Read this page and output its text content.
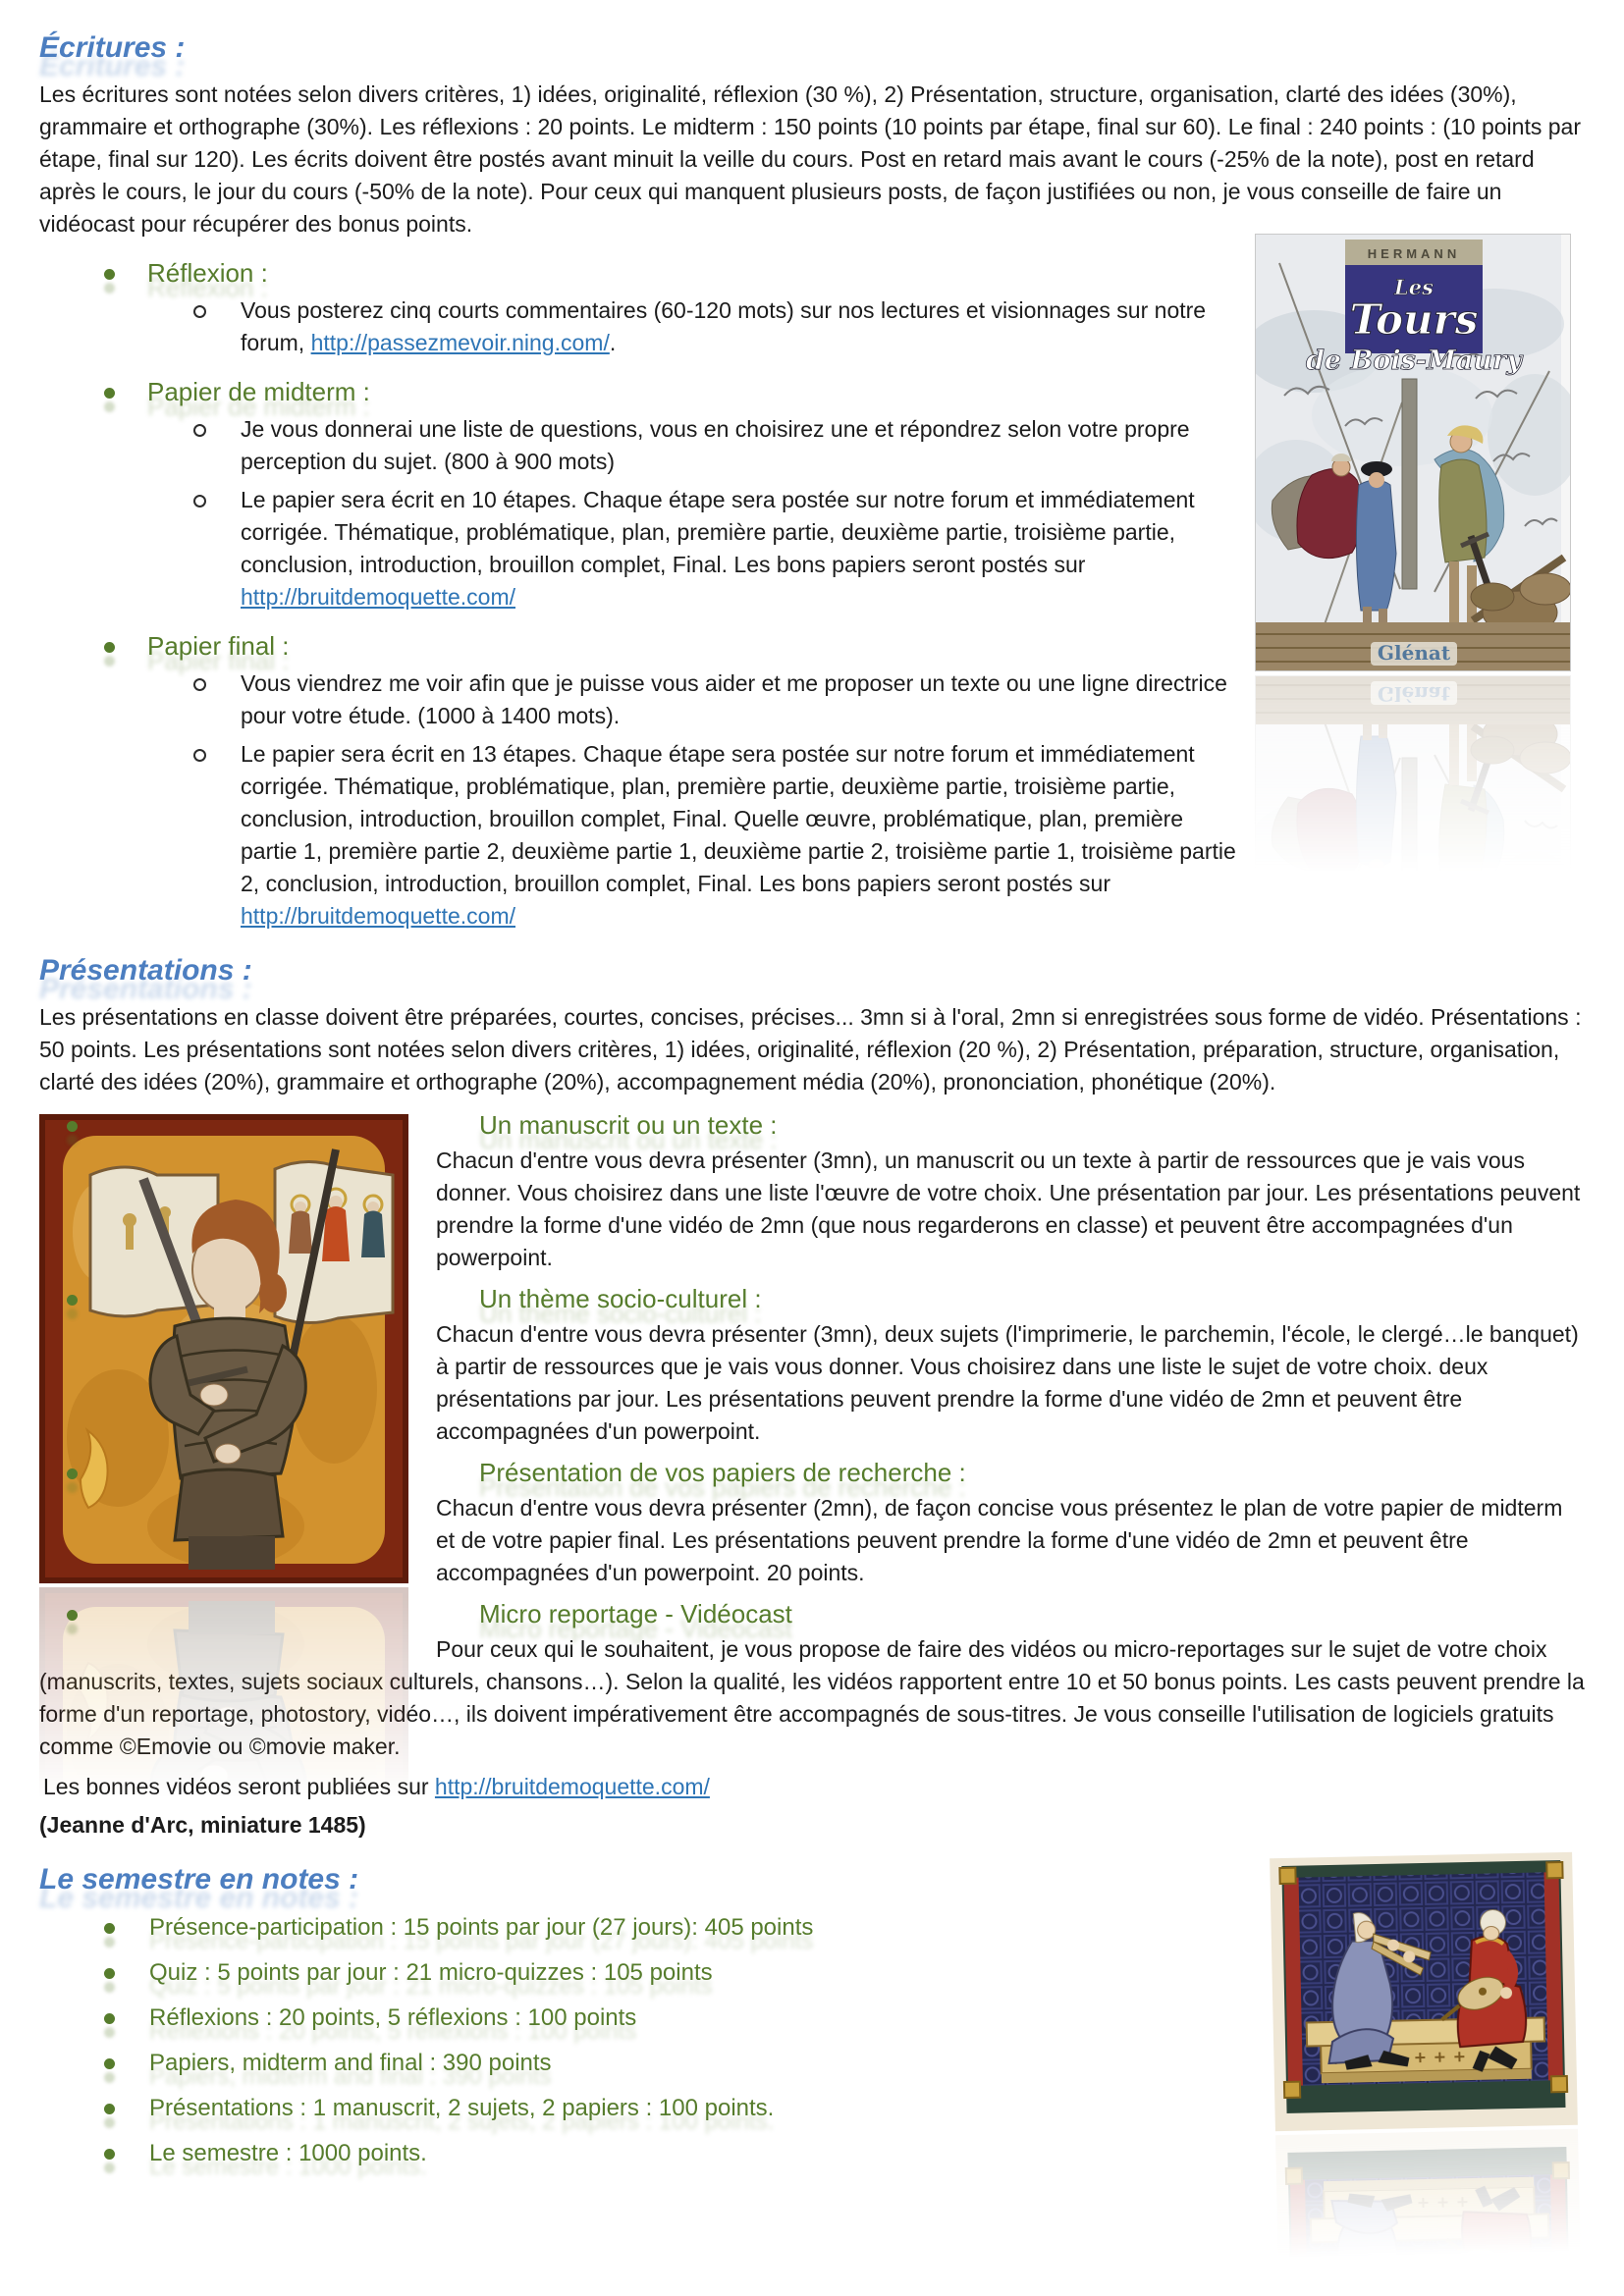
Écritures :
HERMANN
Les
Tours
de Bois-Maury
Glénat

Les écritures sont notées selon divers critères, 1) idées, originalité, réflexion (30 %), 2) Présentation, structure, organisation, clarté des idées (30%), grammaire et orthographe (30%). Les réflexions : 20 points. Le midterm : 150 points (10 points par étape, final sur 60). Le final : 240 points : (10 points par étape, final sur 120). Les écrits doivent être postés avant minuit la veille du cours. Post en retard mais avant le cours (-25% de la note), post en retard après le cours, le jour du cours (-50% de la note). Pour ceux qui manquent plusieurs posts, de façon justifiées ou non, je vous conseille de faire un vidéocast pour récupérer des bonus points.

Réflexion :
Vous posterez cinq courts commentaires (60-120 mots) sur nos lectures et visionnages sur notre forum, http://passezmevoir.ning.com/.
Papier de midterm :
Je vous donnerai une liste de questions, vous en choisirez une et répondrez selon votre propre perception du sujet. (800 à 900 mots)
Le papier sera écrit en 10 étapes. Chaque étape sera postée sur notre forum et immédiatement corrigée. Thématique, problématique, plan, première partie, deuxième partie, troisième partie, conclusion, introduction, brouillon complet, Final. Les bons papiers seront postés sur http://bruitdemoquette.com/
Papier final :
Vous viendrez me voir afin que je puisse vous aider et me proposer un texte ou une ligne directrice pour votre étude. (1000 à 1400 mots).
Le papier sera écrit en 13 étapes. Chaque étape sera postée sur notre forum et immédiatement corrigée. Thématique, problématique, plan, première partie, deuxième partie, troisième partie, conclusion, introduction, brouillon complet, Final. Quelle œuvre, problématique, plan, première partie 1, première partie 2, deuxième partie 1, deuxième partie 2, troisième partie 1, troisième partie 2, conclusion, introduction, brouillon complet, Final. Les bons papiers seront postés sur http://bruitdemoquette.com/
Présentations :

Les présentations en classe doivent être préparées, courtes, concises, précises... 3mn si à l'oral, 2mn si enregistrées sous forme de vidéo. Présentations : 50 points. Les présentations sont notées selon divers critères, 1) idées, originalité, réflexion (20 %), 2) Présentation, préparation, structure, organisation, clarté des idées (20%), grammaire et orthographe (20%), accompagnement média (20%), prononciation, phonétique (20%).

Un manuscrit ou un texte :
Chacun d'entre vous devra présenter (3mn), un manuscrit ou un texte à partir de ressources que je vais vous donner. Vous choisirez dans une liste l'œuvre de votre choix. Une présentation par jour. Les présentations peuvent prendre la forme d'une vidéo de 2mn (que nous regarderons en classe) et peuvent être accompagnées d'un powerpoint.
Un thème socio-culturel :
Chacun d'entre vous devra présenter (3mn), deux sujets (l'imprimerie, le parchemin, l'école, le clergé…le banquet) à partir de ressources que je vais vous donner. Vous choisirez dans une liste le sujet de votre choix. deux présentations par jour. Les présentations peuvent prendre la forme d'une vidéo de 2mn et peuvent être accompagnées d'un powerpoint.
Présentation de vos papiers de recherche :
Chacun d'entre vous devra présenter (2mn), de façon concise vous présentez le plan de votre papier de midterm et de votre papier final. Les présentations peuvent prendre la forme d'une vidéo de 2mn et peuvent être accompagnées d'un powerpoint. 20 points.
Micro reportage - Vidéocast
Pour ceux qui le souhaitent, je vous propose de faire des vidéos ou micro-reportages sur le sujet de votre choix (manuscrits, textes, sujets sociaux culturels, chansons…). Selon la qualité, les vidéos rapportent entre 10 et 50 bonus points. Les casts peuvent prendre la forme d'un reportage, photostory, vidéo…, ils doivent impérativement être accompagnés de sous-titres. Je vous conseille l'utilisation de logiciels gratuits comme ©Emovie ou ©movie maker.
Les bonnes vidéos seront publiées sur http://bruitdemoquette.com/
(Jeanne d'Arc, miniature 1485)
Le semestre en notes :
Présence-participation : 15 points par jour (27 jours): 405 points
Quiz : 5 points par jour : 21 micro-quizzes : 105 points
Réflexions : 20 points, 5 réflexions : 100 points
Papiers, midterm and final : 390 points
Présentations : 1 manuscrit, 2 sujets, 2 papiers : 100 points.
Le semestre : 1000 points.
